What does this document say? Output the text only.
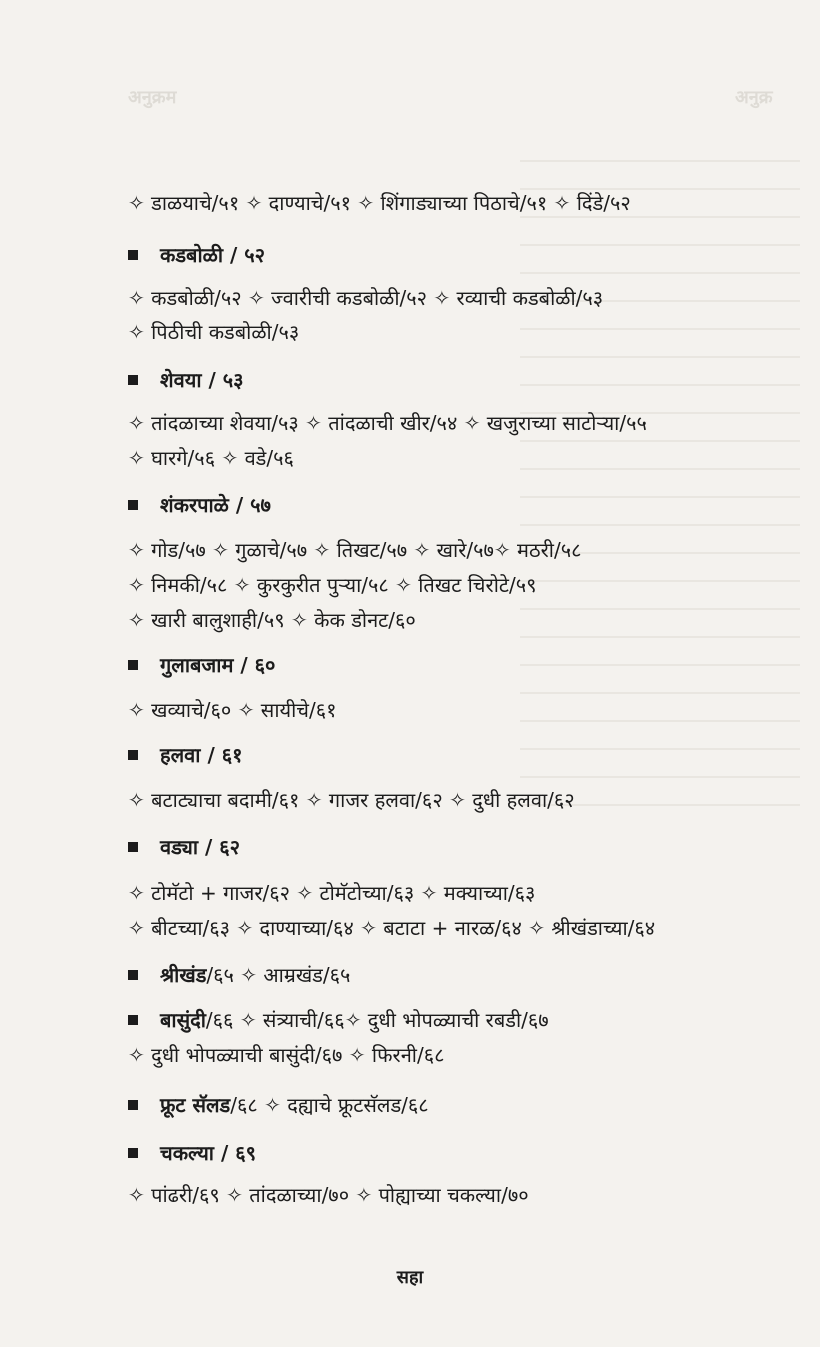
अनुक्रम	अनुक्र
✧ डाळयाचे/५१ ✧ दाण्याचे/५१ ✧ शिंगाड्याच्या पिठाचे/५१ ✧ दिंडे/५२
कडबोळी / ५२
✧ कडबोळी/५२ ✧ ज्वारीची कडबोळी/५२ ✧ रव्याची कडबोळी/५३
✧ पिठीची कडबोळी/५३
शेवया / ५३
✧ तांदळाच्या शेवया/५३ ✧ तांदळाची खीर/५४ ✧ खजुराच्या साटोऱ्या/५५
✧ घारगे/५६ ✧ वडे/५६
शंकरपाळे / ५७
✧ गोड/५७ ✧ गुळाचे/५७ ✧ तिखट/५७ ✧ खारे/५७✧ मठरी/५८
✧ निमकी/५८ ✧ कुरकुरीत पुऱ्या/५८ ✧ तिखट चिरोटे/५९
✧ खारी बालुशाही/५९ ✧ केक डोनट/६०
गुलाबजाम / ६०
✧ खव्याचे/६० ✧ सायीचे/६१
हलवा / ६१
✧ बटाट्याचा बदामी/६१ ✧ गाजर हलवा/६२ ✧ दुधी हलवा/६२
वड्या / ६२
✧ टोमॅटो + गाजर/६२ ✧ टोमॅटोच्या/६३ ✧ मक्याच्या/६३
✧ बीटच्या/६३ ✧ दाण्याच्या/६४ ✧ बटाटा + नारळ/६४ ✧ श्रीखंडाच्या/६४
श्रीखंड/६५ ✧ आम्रखंड/६५
बासुंदी/६६ ✧ संत्र्याची/६६✧ दुधी भोपळ्याची रबडी/६७
✧ दुधी भोपळ्याची बासुंदी/६७ ✧ फिरनी/६८
फ्रूट सॅलड/६८ ✧ दह्याचे फ्रूटसॅलड/६८
चकल्या / ६९
✧ पांढरी/६९ ✧ तांदळाच्या/७० ✧ पोह्याच्या चकल्या/७०
सहा
